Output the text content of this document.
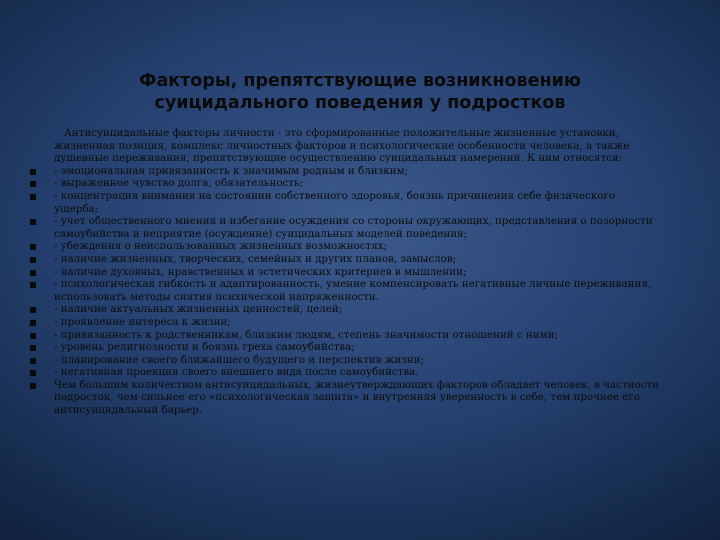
Факторы, препятствующие возникновению
суицидального поведения у подростков

Антисуицидальные факторы личности - это сформированные положительные жизненные установки, жизненная позиция, комплекс личностных факторов и психологические особенности человека, а также душевные переживания, препятствующие осуществлению суицидальных намерений. К ним относятся:

- эмоциональная привязанность к значимым родным и близким;
- выраженное чувство долга, обязательность;
- концентрация внимания на состоянии собственного здоровья, боязнь причинения себе физического ущерба;
- учет общественного мнения и избегание осуждения со стороны окружающих, представления о позорности самоубийства и неприятие (осуждение) суицидальных моделей поведения;
- убеждения о неиспользованных жизненных возможностях;
- наличие жизненных, творческих, семейных и других планов, замыслов;
- наличие духовных, нравственных и эстетических критериев в мышлении;
- психологическая гибкость и адаптированность, умение компенсировать негативные личные переживания, использовать методы снятия психической напряженности.
- наличие актуальных жизненных ценностей, целей;
- проявление интереса к жизни;
- привязанность к родственникам, близким людям, степень значимости отношений с ними;
- уровень религиозности и боязнь греха самоубийства;
- планирование своего ближайшего будущего и перспектив жизни;
- негативная проекция своего внешнего вида после самоубийства.
Чем большим количеством антисуицидальных, жизнеутверждающих факторов обладает человек, в частности подросток, чем сильнее его «психологическая защита» и внутренняя уверенность в себе, тем прочнее его антисуицидальный барьер.
